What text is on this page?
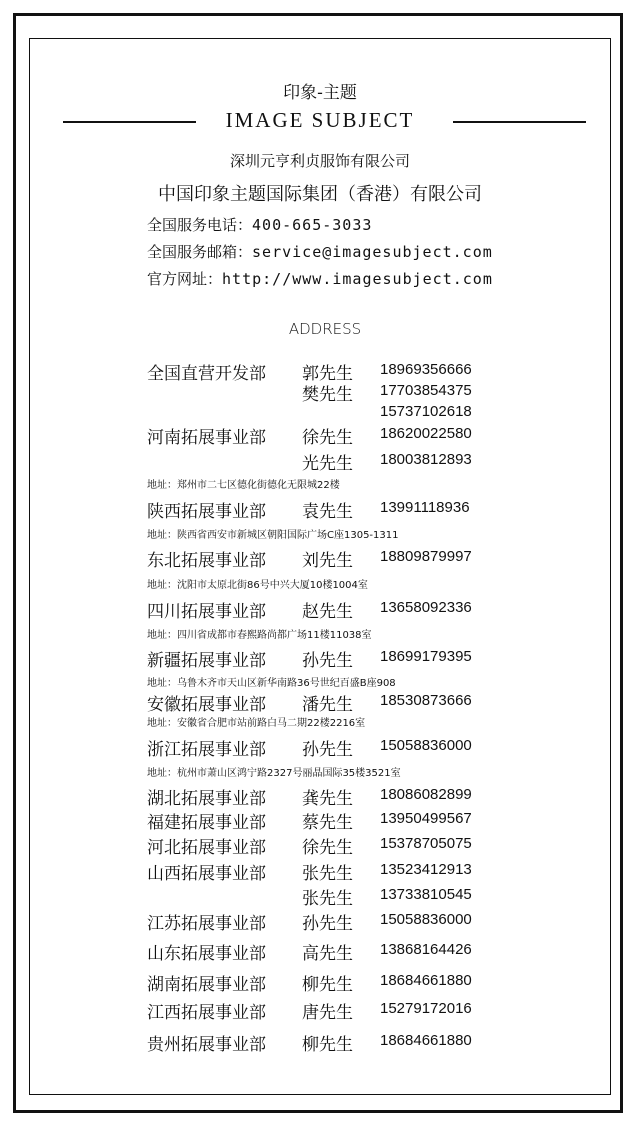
印象-主题
IMAGE SUBJECT
深圳元亨利贞服饰有限公司
中国印象主题国际集团（香港）有限公司
全国服务电话：400-665-3033
全国服务邮箱：service@imagesubject.com
官方网址：http://www.imagesubject.com
ADDRESS
全国直营开发部 郭先生 18969356666
樊先生 17703854375
15737102618
河南拓展事业部 徐先生 18620022580
光先生 18003812893
地址：郑州市二七区德化街德化无限城22楼
陕西拓展事业部 袁先生 13991118936
地址：陕西省西安市新城区朝阳国际广场C座1305-1311
东北拓展事业部 刘先生 18809879997
地址：沈阳市太原北街86号中兴大厦10楼1004室
四川拓展事业部 赵先生 13658092336
地址：四川省成都市春熙路尚都广场11楼11038室
新疆拓展事业部 孙先生 18699179395
地址：乌鲁木齐市天山区新华南路36号世纪百盛B座908
安徽拓展事业部 潘先生 18530873666
地址：安徽省合肥市站前路白马二期22楼2216室
浙江拓展事业部 孙先生 15058836000
地址：杭州市萧山区鸿宁路2327号丽晶国际35楼3521室
湖北拓展事业部 龚先生 18086082899
福建拓展事业部 蔡先生 13950499567
河北拓展事业部 徐先生 15378705075
山西拓展事业部 张先生 13523412913
张先生 13733810545
江苏拓展事业部 孙先生 15058836000
山东拓展事业部 高先生 13868164426
湖南拓展事业部 柳先生 18684661880
江西拓展事业部 唐先生 15279172016
贵州拓展事业部 柳先生 18684661880
